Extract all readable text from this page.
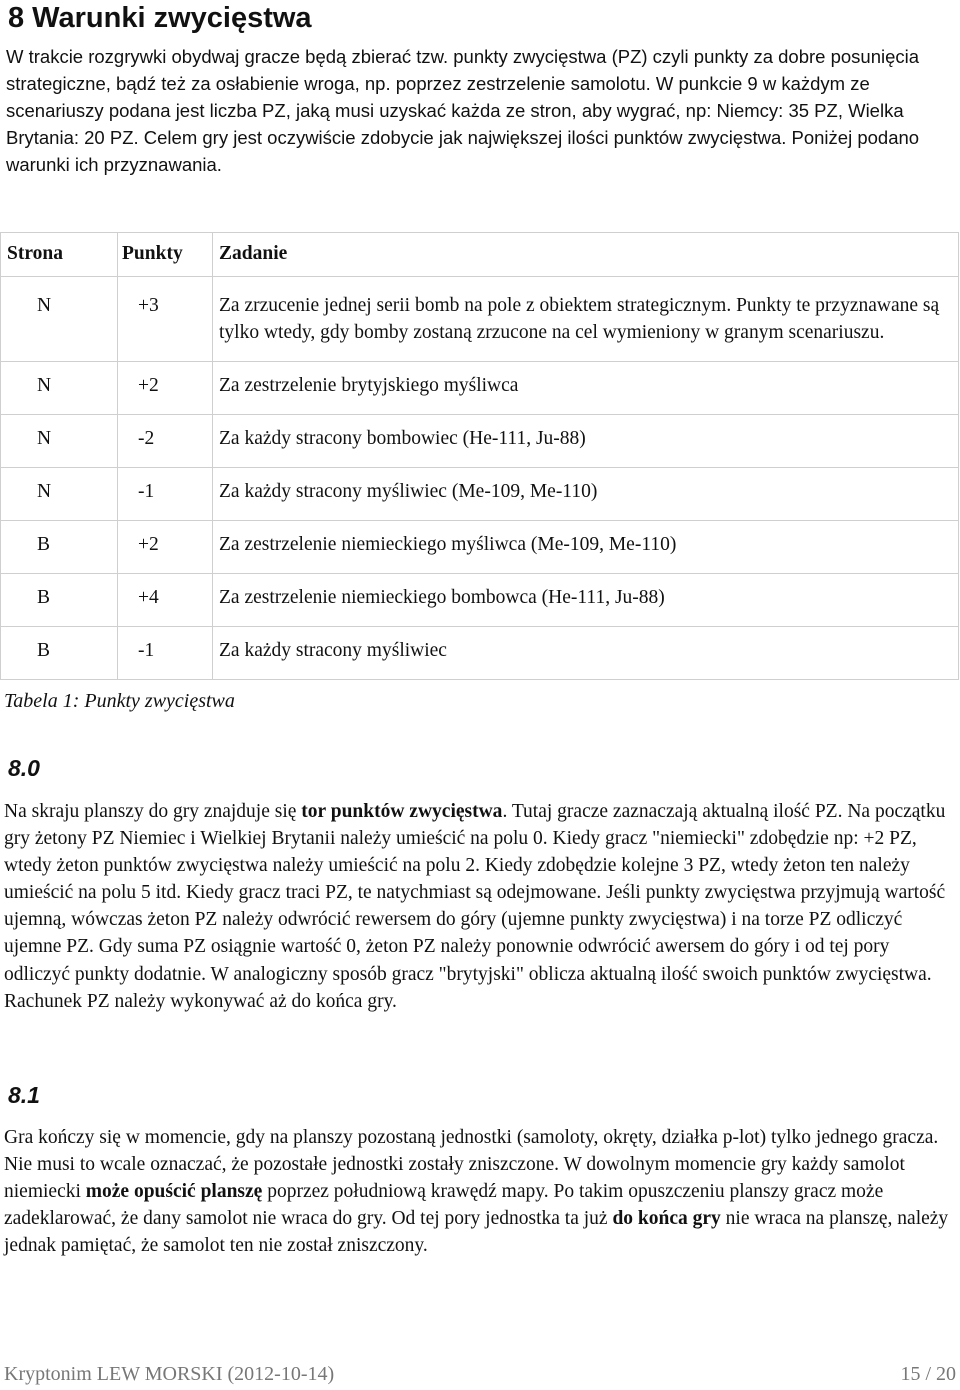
8 Warunki zwycięstwa

W trakcie rozgrywki obydwaj gracze będą zbierać tzw. punkty zwycięstwa (PZ) czyli punkty za dobre posunięcia strategiczne, bądź też za osłabienie wroga, np. poprzez zestrzelenie samolotu. W punkcie 9 w każdym ze scenariuszy podana jest liczba PZ, jaką musi uzyskać każda ze stron, aby wygrać, np: Niemcy: 35 PZ, Wielka Brytania: 20 PZ. Celem gry jest oczywiście zdobycie jak największej ilości punktów zwycięstwa. Poniżej podano warunki ich przyznawania.

Strona	Punkty	Zadanie
N	+3	Za zrzucenie jednej serii bomb na pole z obiektem strategicznym. Punkty te przyznawane są tylko wtedy, gdy bomby zostaną zrzucone na cel wymieniony w granym scenariuszu.
N	+2	Za zestrzelenie brytyjskiego myśliwca
N	-2	Za każdy stracony bombowiec (He-111, Ju-88)
N	-1	Za każdy stracony myśliwiec (Me-109, Me-110)
B	+2	Za zestrzelenie niemieckiego myśliwca (Me-109, Me-110)
B	+4	Za zestrzelenie niemieckiego bombowca (He-111, Ju-88)
B	-1	Za każdy stracony myśliwiec
Tabela 1: Punkty zwycięstwa
8.0

Na skraju planszy do gry znajduje się tor punktów zwycięstwa. Tutaj gracze zaznaczają aktualną ilość PZ. Na początku gry żetony PZ Niemiec i Wielkiej Brytanii należy umieścić na polu 0. Kiedy gracz "niemiecki" zdobędzie np: +2 PZ, wtedy żeton punktów zwycięstwa należy umieścić na polu 2. Kiedy zdobędzie kolejne 3 PZ, wtedy żeton ten należy umieścić na polu 5 itd. Kiedy gracz traci PZ, te natychmiast są odejmowane. Jeśli punkty zwycięstwa przyjmują wartość ujemną, wówczas żeton PZ należy odwrócić rewersem do góry (ujemne punkty zwycięstwa) i na torze PZ odliczyć ujemne PZ. Gdy suma PZ osiągnie wartość 0, żeton PZ należy ponownie odwrócić awersem do góry i od tej pory odliczyć punkty dodatnie. W analogiczny sposób gracz "brytyjski" oblicza aktualną ilość swoich punktów zwycięstwa. Rachunek PZ należy wykonywać aż do końca gry.

8.1

Gra kończy się w momencie, gdy na planszy pozostaną jednostki (samoloty, okręty, działka p-lot) tylko jednego gracza. Nie musi to wcale oznaczać, że pozostałe jednostki zostały zniszczone. W dowolnym momencie gry każdy samolot niemiecki może opuścić planszę poprzez południową krawędź mapy. Po takim opuszczeniu planszy gracz może zadeklarować, że dany samolot nie wraca do gry. Od tej pory jednostka ta już do końca gry nie wraca na planszę, należy jednak pamiętać, że samolot ten nie został zniszczony.

Kryptonim LEW MORSKI (2012-10-14)	15 / 20
